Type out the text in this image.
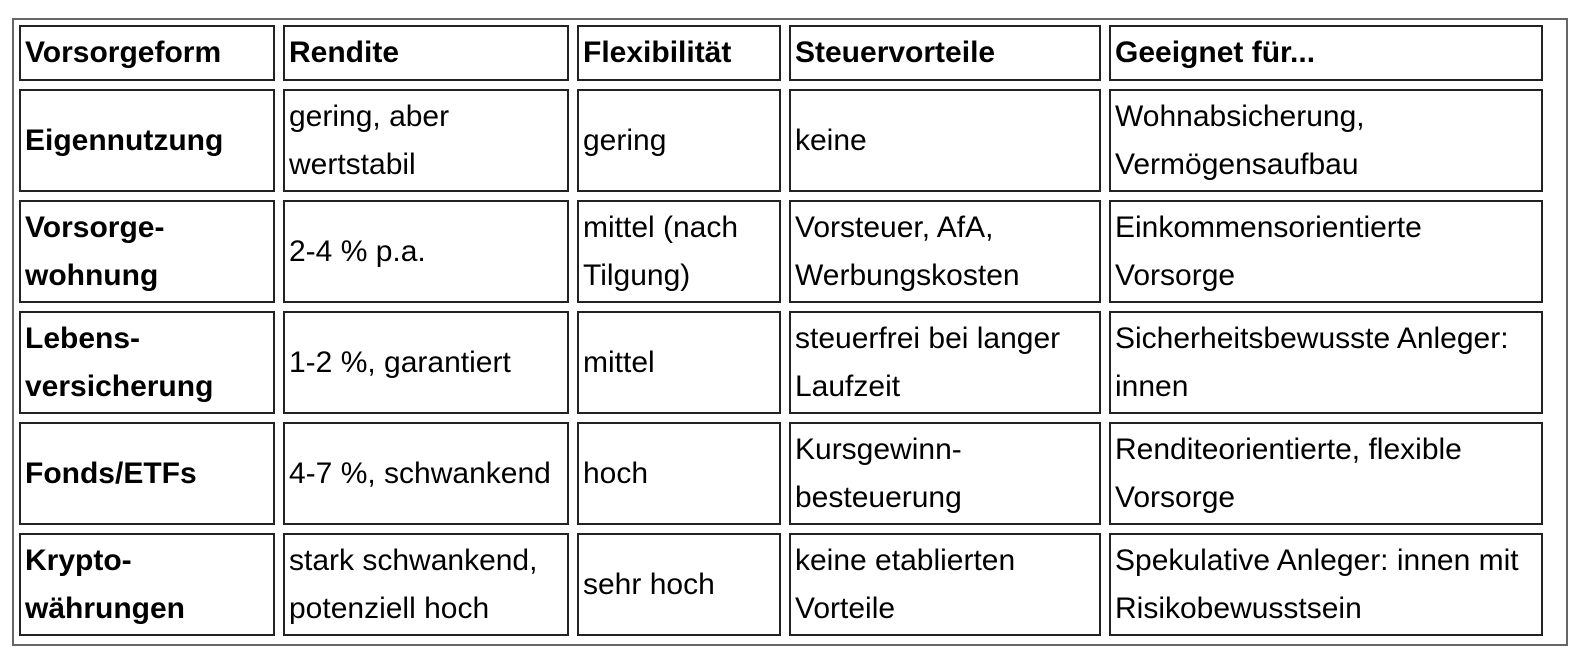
Vorsorgeform	Rendite	Flexibilität	Steuervorteile	Geeignet für...
Eigennutzung	gering, aber wertstabil	gering	keine	Wohnabsicherung, Vermögensaufbau
Vorsorge-wohnung	2-4 % p.a.	mittel (nach Tilgung)	Vorsteuer, AfA, Werbungskosten	Einkommensorientierte Vorsorge
Lebens-versicherung	1-2 %, garantiert	mittel	steuerfrei bei langer Laufzeit	Sicherheitsbewusste Anleger: innen
Fonds/ETFs	4-7 %, schwankend	hoch	Kursgewinn-besteuerung	Renditeorientierte, flexible Vorsorge
Krypto-währungen	stark schwankend, potenziell hoch	sehr hoch	keine etablierten Vorteile	Spekulative Anleger: innen mit Risikobewusstsein
